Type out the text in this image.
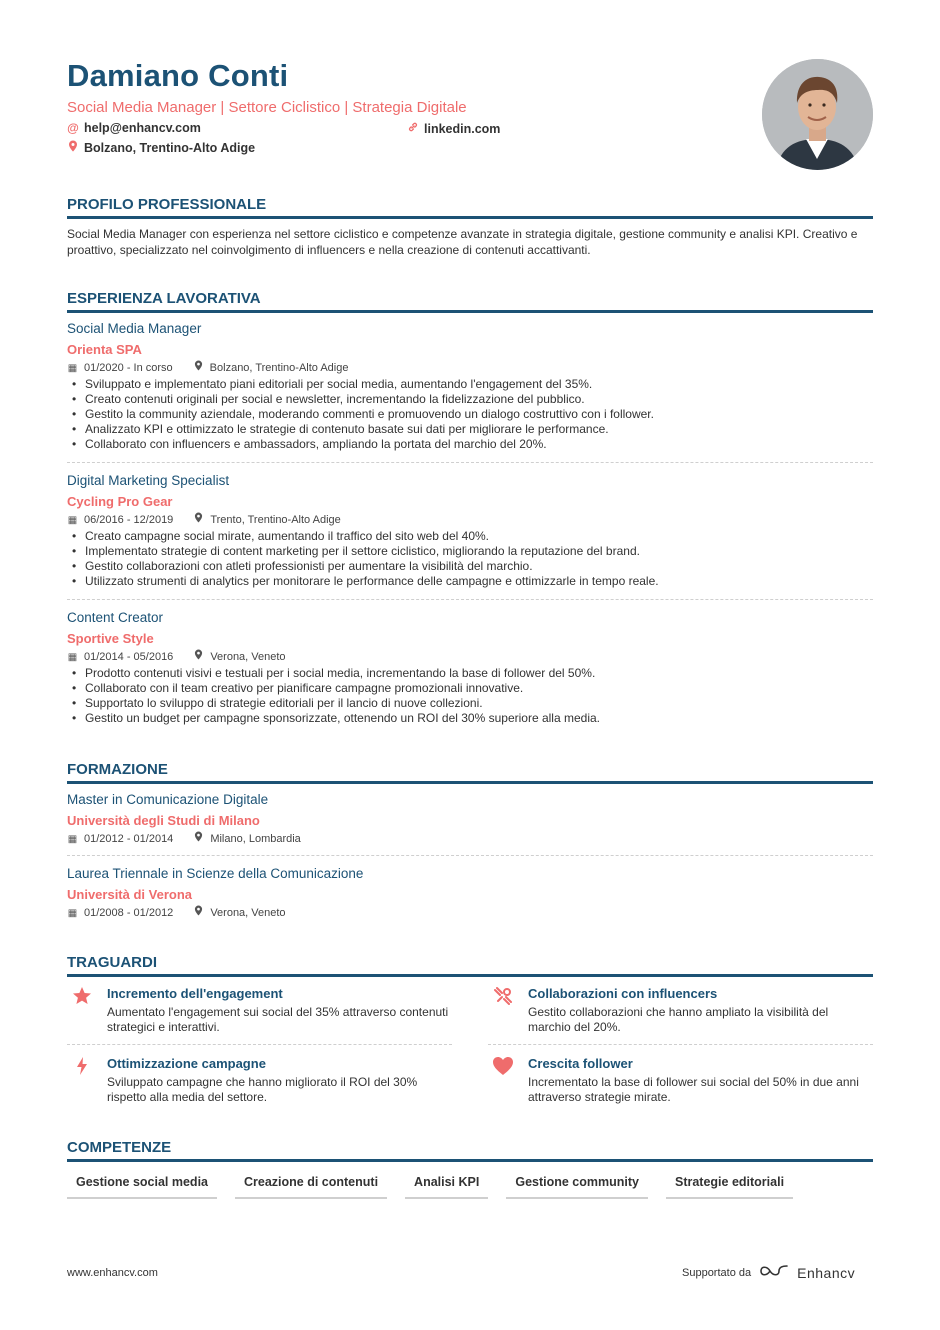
Damiano Conti
Social Media Manager | Settore Ciclistico | Strategia Digitale
@ help@enhancv.com	linkedin.com
Bolzano, Trentino-Alto Adige
PROFILO PROFESSIONALE
Social Media Manager con esperienza nel settore ciclistico e competenze avanzate in strategia digitale, gestione community e analisi KPI. Creativo e proattivo, specializzato nel coinvolgimento di influencers e nella creazione di contenuti accattivanti.
ESPERIENZA LAVORATIVA
Social Media Manager
Orienta SPA
▦ 01/2020 - In corso	Bolzano, Trentino-Alto Adige
• Sviluppato e implementato piani editoriali per social media, aumentando l'engagement del 35%.
• Creato contenuti originali per social e newsletter, incrementando la fidelizzazione del pubblico.
• Gestito la community aziendale, moderando commenti e promuovendo un dialogo costruttivo con i follower.
• Analizzato KPI e ottimizzato le strategie di contenuto basate sui dati per migliorare le performance.
• Collaborato con influencers e ambassadors, ampliando la portata del marchio del 20%.
Digital Marketing Specialist
Cycling Pro Gear
▦ 06/2016 - 12/2019	Trento, Trentino-Alto Adige
• Creato campagne social mirate, aumentando il traffico del sito web del 40%.
• Implementato strategie di content marketing per il settore ciclistico, migliorando la reputazione del brand.
• Gestito collaborazioni con atleti professionisti per aumentare la visibilità del marchio.
• Utilizzato strumenti di analytics per monitorare le performance delle campagne e ottimizzarle in tempo reale.
Content Creator
Sportive Style
▦ 01/2014 - 05/2016	Verona, Veneto
• Prodotto contenuti visivi e testuali per i social media, incrementando la base di follower del 50%.
• Collaborato con il team creativo per pianificare campagne promozionali innovative.
• Supportato lo sviluppo di strategie editoriali per il lancio di nuove collezioni.
• Gestito un budget per campagne sponsorizzate, ottenendo un ROI del 30% superiore alla media.
FORMAZIONE
Master in Comunicazione Digitale
Università degli Studi di Milano
▦ 01/2012 - 01/2014	Milano, Lombardia
Laurea Triennale in Scienze della Comunicazione
Università di Verona
▦ 01/2008 - 01/2012	Verona, Veneto
TRAGUARDI
Incremento dell'engagement
Aumentato l'engagement sui social del 35% attraverso contenuti strategici e interattivi.
Collaborazioni con influencers
Gestito collaborazioni che hanno ampliato la visibilità del marchio del 20%.
Ottimizzazione campagne
Sviluppato campagne che hanno migliorato il ROI del 30% rispetto alla media del settore.
Crescita follower
Incrementato la base di follower sui social del 50% in due anni attraverso strategie mirate.
COMPETENZE
Gestione social media	Creazione di contenuti	Analisi KPI	Gestione community	Strategie editoriali
www.enhancv.com	Supportato da	Enhancv
